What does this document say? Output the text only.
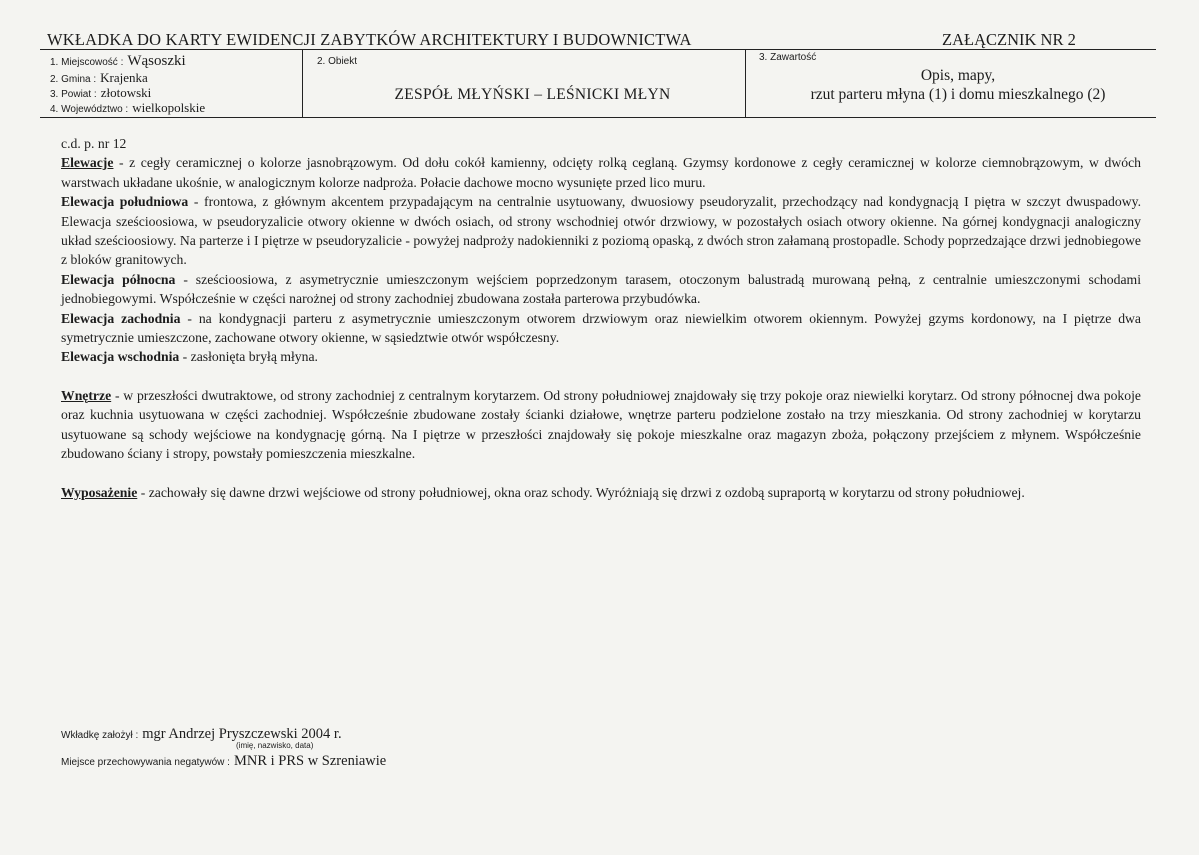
WKŁADKA DO KARTY EWIDENCJI ZABYTKÓW ARCHITEKTURY I BUDOWNICTWA	ZAŁĄCZNIK NR 2
1. Miejscowość : Wąsoszki
2. Gmina : Krajenka
3. Powiat : złotowski
4. Województwo : wielkopolskie
2. Obiekt
ZESPÓŁ MŁYŃSKI – LEŚNICKI MŁYN
3. Zawartość
Opis, mapy,
rzut parteru młyna (1) i domu mieszkalnego (2)

c.d. p. nr 12

Elewacje - z cegły ceramicznej o kolorze jasnobrązowym. Od dołu cokół kamienny, odcięty rolką ceglaną. Gzymsy kordonowe z cegły ceramicznej w kolorze ciemnobrązowym, w dwóch warstwach układane ukośnie, w analogicznym kolorze nadproża. Połacie dachowe mocno wysunięte przed lico muru.

Elewacja południowa - frontowa, z głównym akcentem przypadającym na centralnie usytuowany, dwuosiowy pseudoryzalit, przechodzący nad kondygnacją I piętra w szczyt dwuspadowy. Elewacja sześcioosiowa, w pseudoryzalicie otwory okienne w dwóch osiach, od strony wschodniej otwór drzwiowy, w pozostałych osiach otwory okienne. Na górnej kondygnacji analogiczny układ sześcioosiowy. Na parterze i I piętrze w pseudoryzalicie - powyżej nadproży nadokienniki z poziomą opaską, z dwóch stron załamaną prostopadle. Schody poprzedzające drzwi jednobiegowe z bloków granitowych.

Elewacja północna - sześcioosiowa, z asymetrycznie umieszczonym wejściem poprzedzonym tarasem, otoczonym balustradą murowaną pełną, z centralnie umieszczonymi schodami jednobiegowymi. Współcześnie w części narożnej od strony zachodniej zbudowana została parterowa przybudówka.

Elewacja zachodnia - na kondygnacji parteru z asymetrycznie umieszczonym otworem drzwiowym oraz niewielkim otworem okiennym. Powyżej gzyms kordonowy, na I piętrze dwa symetrycznie umieszczone, zachowane otwory okienne, w sąsiedztwie otwór współczesny.

Elewacja wschodnia - zasłonięta bryłą młyna.

Wnętrze - w przeszłości dwutraktowe, od strony zachodniej z centralnym korytarzem. Od strony południowej znajdowały się trzy pokoje oraz niewielki korytarz. Od strony północnej dwa pokoje oraz kuchnia usytuowana w części zachodniej. Współcześnie zbudowane zostały ścianki działowe, wnętrze parteru podzielone zostało na trzy mieszkania. Od strony zachodniej w korytarzu usytuowane są schody wejściowe na kondygnację górną. Na I piętrze w przeszłości znajdowały się pokoje mieszkalne oraz magazyn zboża, połączony przejściem z młynem. Współcześnie zbudowano ściany i stropy, powstały pomieszczenia mieszkalne.

Wyposażenie - zachowały się dawne drzwi wejściowe od strony południowej, okna oraz schody. Wyróżniają się drzwi z ozdobą supraportą w korytarzu od strony południowej.

Wkładkę założył : mgr Andrzej Pryszczewski 2004 r.
(imię, nazwisko, data)
Miejsce przechowywania negatywów : MNR i PRS w Szreniawie
